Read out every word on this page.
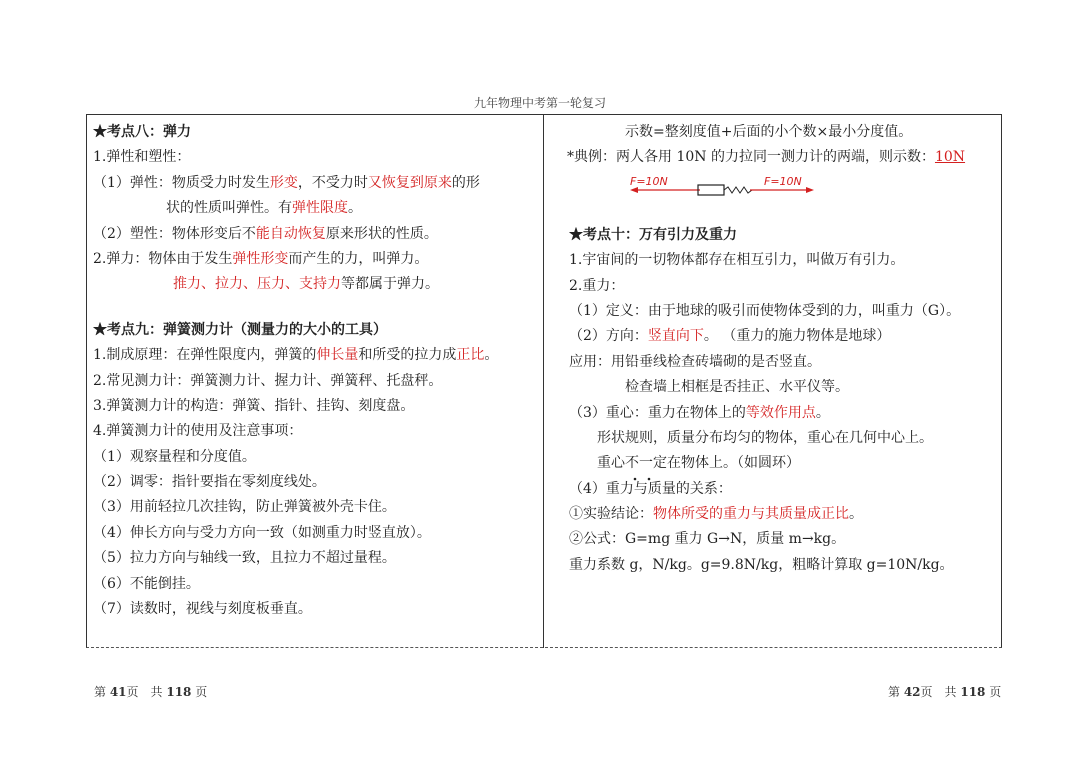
九年物理中考第一轮复习
★考点八：弹力
1.弹性和塑性：
（1）弹性：物质受力时发生形变，不受力时又恢复到原来的形
状的性质叫弹性。有弹性限度。
（2）塑性：物体形变后不能自动恢复原来形状的性质。
2.弹力：物体由于发生弹性形变而产生的力，叫弹力。
推力、拉力、压力、支持力等都属于弹力。
★考点九：弹簧测力计（测量力的大小的工具）
1.制成原理：在弹性限度内，弹簧的伸长量和所受的拉力成正比。
2.常见测力计：弹簧测力计、握力计、弹簧秤、托盘秤。
3.弹簧测力计的构造：弹簧、指针、挂钩、刻度盘。
4.弹簧测力计的使用及注意事项：
（1）观察量程和分度值。
（2）调零：指针要指在零刻度线处。
（3）用前轻拉几次挂钩，防止弹簧被外壳卡住。
（4）伸长方向与受力方向一致（如测重力时竖直放）。
（5）拉力方向与轴线一致，且拉力不超过量程。
（6）不能倒挂。
（7）读数时，视线与刻度板垂直。
示数=整刻度值+后面的小个数×最小分度值。
*典例：两人各用 10N 的力拉同一测力计的两端，则示数：10N
★考点十：万有引力及重力
1.宇宙间的一切物体都存在相互引力，叫做万有引力。
2.重力：
（1）定义：由于地球的吸引而使物体受到的力，叫重力（G）。
（2）方向：竖直向下。 （重力的施力物体是地球）
应用：用铅垂线检查砖墙砌的是否竖直。
检查墙上相框是否挂正、水平仪等。
（3）重心：重力在物体上的等效作用点。
形状规则，质量分布均匀的物体，重心在几何中心上。
重心不一定在物体上。（如圆环）
（4）重力与质量的关系：
①实验结论：物体所受的重力与其质量成正比。
②公式：G=mg 重力 G→N，质量 m→kg。
重力系数 g，N/kg。g=9.8N/kg，粗略计算取 g=10N/kg。
F=10N	F=10N
第 41页　共 118 页	第 42页　共 118 页
